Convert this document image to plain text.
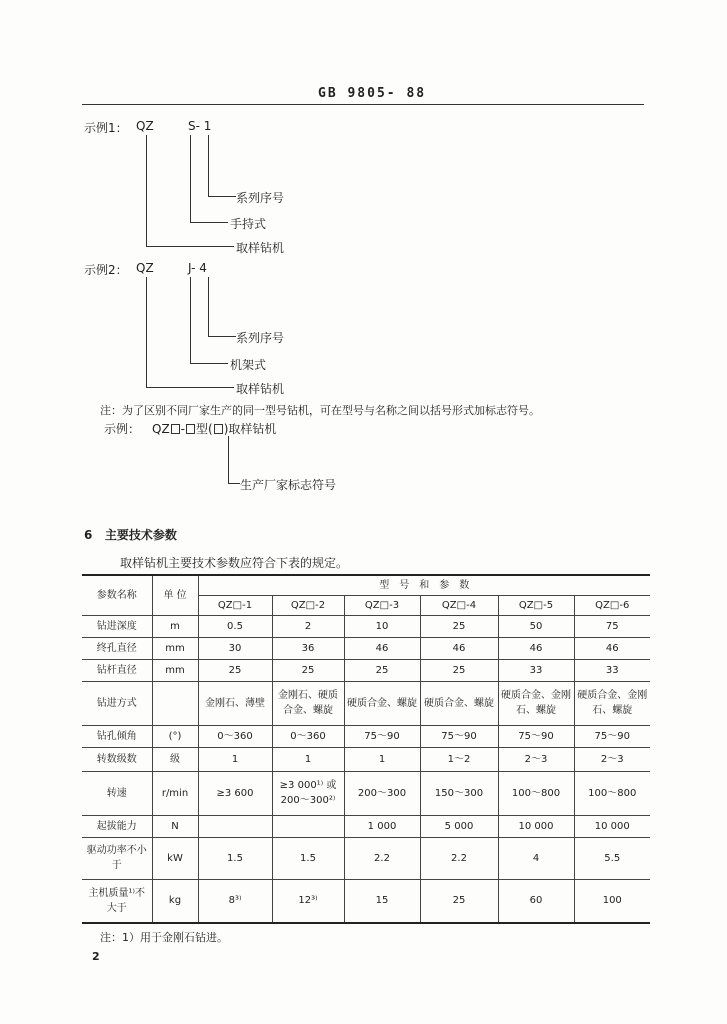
GB 9805- 88
示例1： QZ	S- 1
系列序号
手持式
取样钻机
示例2： QZ	J- 4
系列序号
机架式
取样钻机
注：为了区别不同厂家生产的同一型号钻机，可在型号与名称之间以括号形式加标志符号。
示例： QZ - 型( )取样钻机
生产厂家标志符号
6 主要技术参数
取样钻机主要技术参数应符合下表的规定。
参数名称	单 位	型　号　和　参　数					
		QZ□-1	QZ□-2	QZ□-3	QZ□-4	QZ□-5	QZ□-6
钻进深度	m	0.5	2	10	25	50	75
终孔直径	mm	30	36	46	46	46	46
钻杆直径	mm	25	25	25	25	33	33
钻进方式		金刚石、薄壁	金刚石、硬质合金、螺旋	硬质合金、螺旋	硬质合金、螺旋	硬质合金、金刚石、螺旋	硬质合金、金刚石、螺旋
钻孔倾角	(°)	0～360	0～360	75～90	75～90	75～90	75～90
转数级数	级	1	1	1	1～2	2～3	2～3
转速	r/min	≥3 600	≥3 000¹⁾ 或200～300²⁾	200～300	150～300	100～800	100～800
起拔能力	N			1 000	5 000	10 000	10 000
驱动功率不小于	kW	1.5	1.5	2.2	2.2	4	5.5
主机质量¹⁾不大于	kg	8³⁾	12³⁾	15	25	60	100
注：1）用于金刚石钻进。
2
